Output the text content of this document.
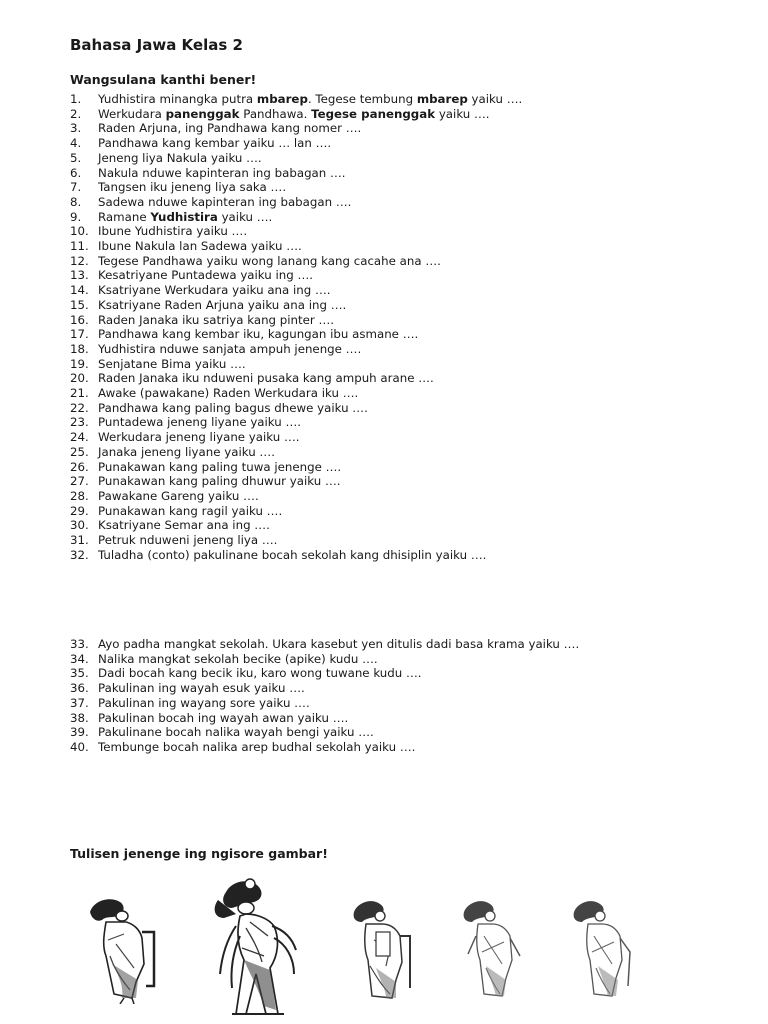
Bahasa Jawa Kelas 2
Wangsulana kanthi bener!
1. Yudhistira minangka putra mbarep. Tegese tembung mbarep yaiku ….
2. Werkudara panenggak Pandhawa. Tegese panenggak yaiku ….
3. Raden Arjuna, ing Pandhawa kang nomer ….
4. Pandhawa kang kembar yaiku … lan ….
5. Jeneng liya Nakula yaiku ….
6. Nakula nduwe kapinteran ing babagan ….
7. Tangsen iku jeneng liya saka ….
8. Sadewa nduwe kapinteran ing babagan ….
9. Ramane Yudhistira yaiku ….
10. Ibune Yudhistira yaiku ….
11. Ibune Nakula lan Sadewa yaiku ….
12. Tegese Pandhawa yaiku wong lanang kang cacahe ana ….
13. Kesatriyane Puntadewa yaiku ing ….
14. Ksatriyane Werkudara yaiku ana ing ….
15. Ksatriyane Raden Arjuna yaiku ana ing ….
16. Raden Janaka iku satriya kang pinter ….
17. Pandhawa kang kembar iku, kagungan ibu asmane ….
18. Yudhistira nduwe sanjata ampuh jenenge ….
19. Senjatane Bima yaiku ….
20. Raden Janaka iku nduweni pusaka kang ampuh arane ….
21. Awake (pawakane) Raden Werkudara iku ….
22. Pandhawa kang paling bagus dhewe yaiku ….
23. Puntadewa jeneng liyane yaiku ….
24. Werkudara jeneng liyane yaiku ….
25. Janaka jeneng liyane yaiku ….
26. Punakawan kang paling tuwa jenenge ….
27. Punakawan kang paling dhuwur yaiku ….
28. Pawakane Gareng yaiku ….
29. Punakawan kang ragil yaiku ….
30. Ksatriyane Semar ana ing ….
31. Petruk nduweni jeneng liya ….
32. Tuladha (conto) pakulinane bocah sekolah kang dhisiplin yaiku ….
33. Ayo padha mangkat sekolah. Ukara kasebut yen ditulis dadi basa krama yaiku ….
34. Nalika mangkat sekolah becike (apike) kudu ….
35. Dadi bocah kang becik iku, karo wong tuwane kudu ….
36. Pakulinan ing wayah esuk yaiku ….
37. Pakulinan ing wayang sore yaiku ….
38. Pakulinan bocah ing wayah awan yaiku ….
39. Pakulinane bocah nalika wayah bengi yaiku ….
40. Tembunge bocah nalika arep budhal sekolah yaiku ….
Tulisen jenenge ing ngisore gambar!
